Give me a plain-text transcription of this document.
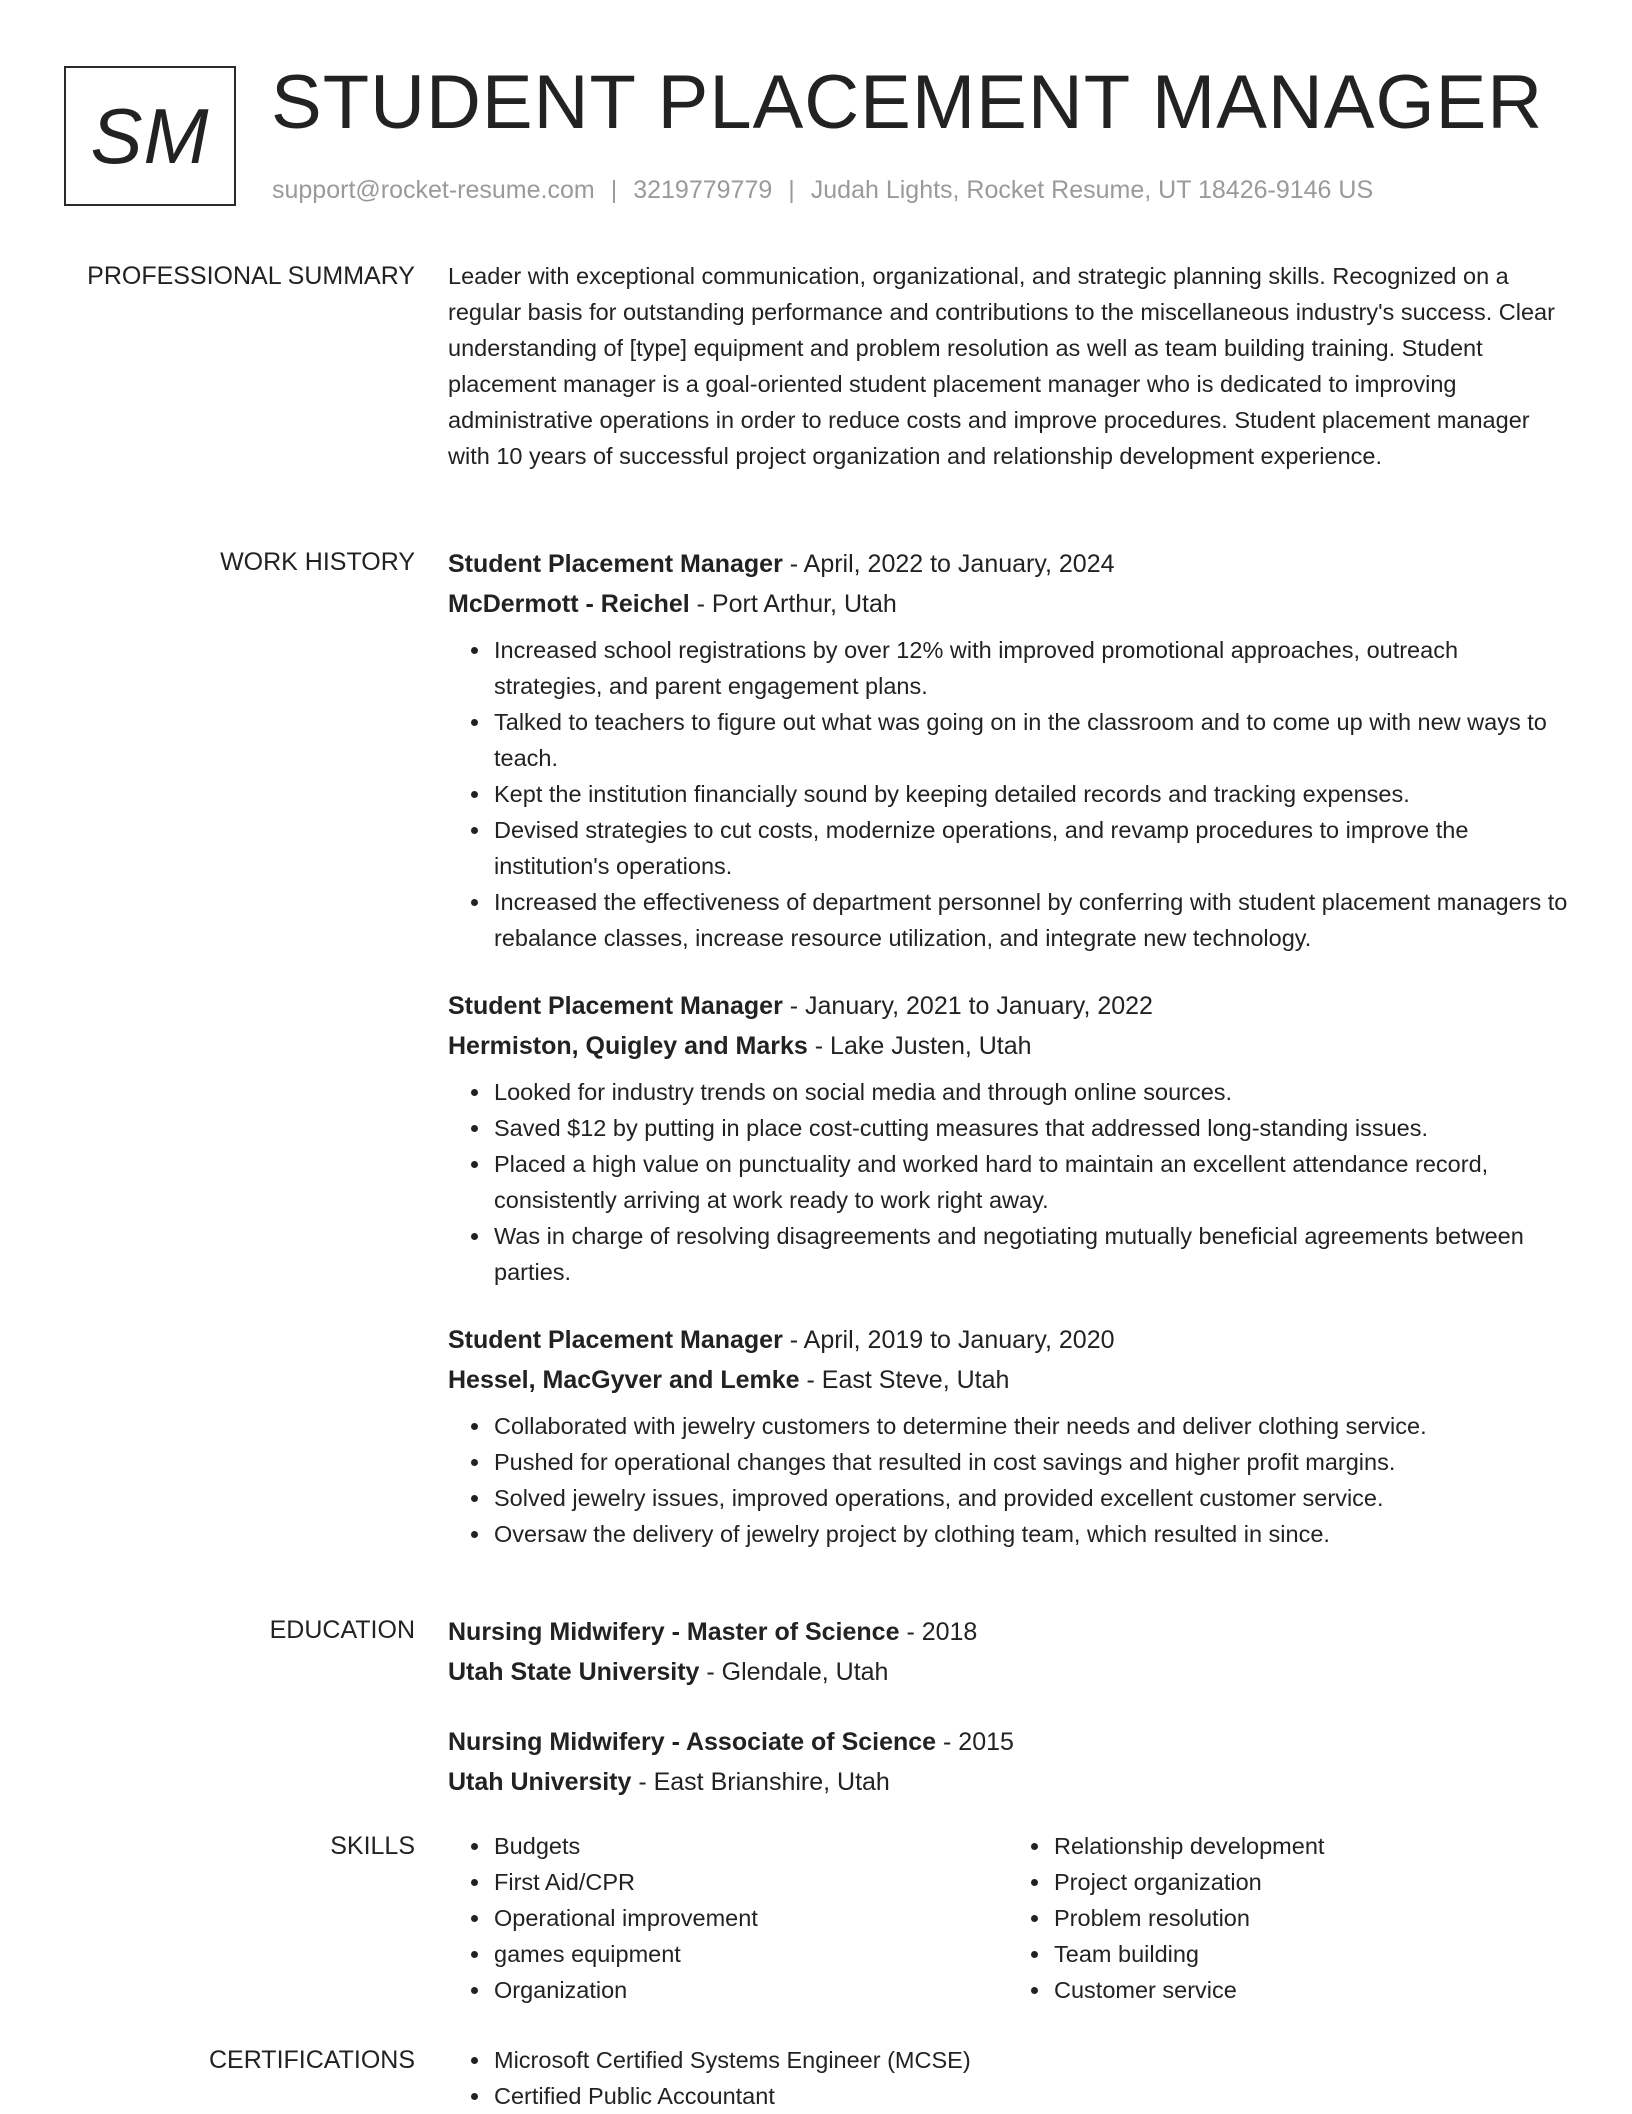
SM STUDENT PLACEMENT MANAGER
support@rocket-resume.com | 3219779779 | Judah Lights, Rocket Resume, UT 18426-9146 US
PROFESSIONAL SUMMARY Leader with exceptional communication, organizational, and strategic planning skills. Recognized on a regular basis for outstanding performance and contributions to the miscellaneous industry's success. Clear understanding of [type] equipment and problem resolution as well as team building training. Student placement manager is a goal-oriented student placement manager who is dedicated to improving administrative operations in order to reduce costs and improve procedures. Student placement manager with 10 years of successful project organization and relationship development experience.
WORK HISTORY Student Placement Manager - April, 2022 to January, 2024
McDermott - Reichel - Port Arthur, Utah
• Increased school registrations by over 12% with improved promotional approaches, outreach strategies, and parent engagement plans.
• Talked to teachers to figure out what was going on in the classroom and to come up with new ways to teach.
• Kept the institution financially sound by keeping detailed records and tracking expenses.
• Devised strategies to cut costs, modernize operations, and revamp procedures to improve the institution's operations.
• Increased the effectiveness of department personnel by conferring with student placement managers to rebalance classes, increase resource utilization, and integrate new technology.
Student Placement Manager - January, 2021 to January, 2022
Hermiston, Quigley and Marks - Lake Justen, Utah
• Looked for industry trends on social media and through online sources.
• Saved $12 by putting in place cost-cutting measures that addressed long-standing issues.
• Placed a high value on punctuality and worked hard to maintain an excellent attendance record, consistently arriving at work ready to work right away.
• Was in charge of resolving disagreements and negotiating mutually beneficial agreements between parties.
Student Placement Manager - April, 2019 to January, 2020
Hessel, MacGyver and Lemke - East Steve, Utah
• Collaborated with jewelry customers to determine their needs and deliver clothing service.
• Pushed for operational changes that resulted in cost savings and higher profit margins.
• Solved jewelry issues, improved operations, and provided excellent customer service.
• Oversaw the delivery of jewelry project by clothing team, which resulted in since.
EDUCATION Nursing Midwifery - Master of Science - 2018
Utah State University - Glendale, Utah
Nursing Midwifery - Associate of Science - 2015
Utah University - East Brianshire, Utah
SKILLS	• Budgets
• First Aid/CPR
• Operational improvement
• games equipment
• Organization
• Relationship development
• Project organization
• Problem resolution
• Team building
• Customer service
CERTIFICATIONS	• Microsoft Certified Systems Engineer (MCSE)
• Certified Public Accountant
